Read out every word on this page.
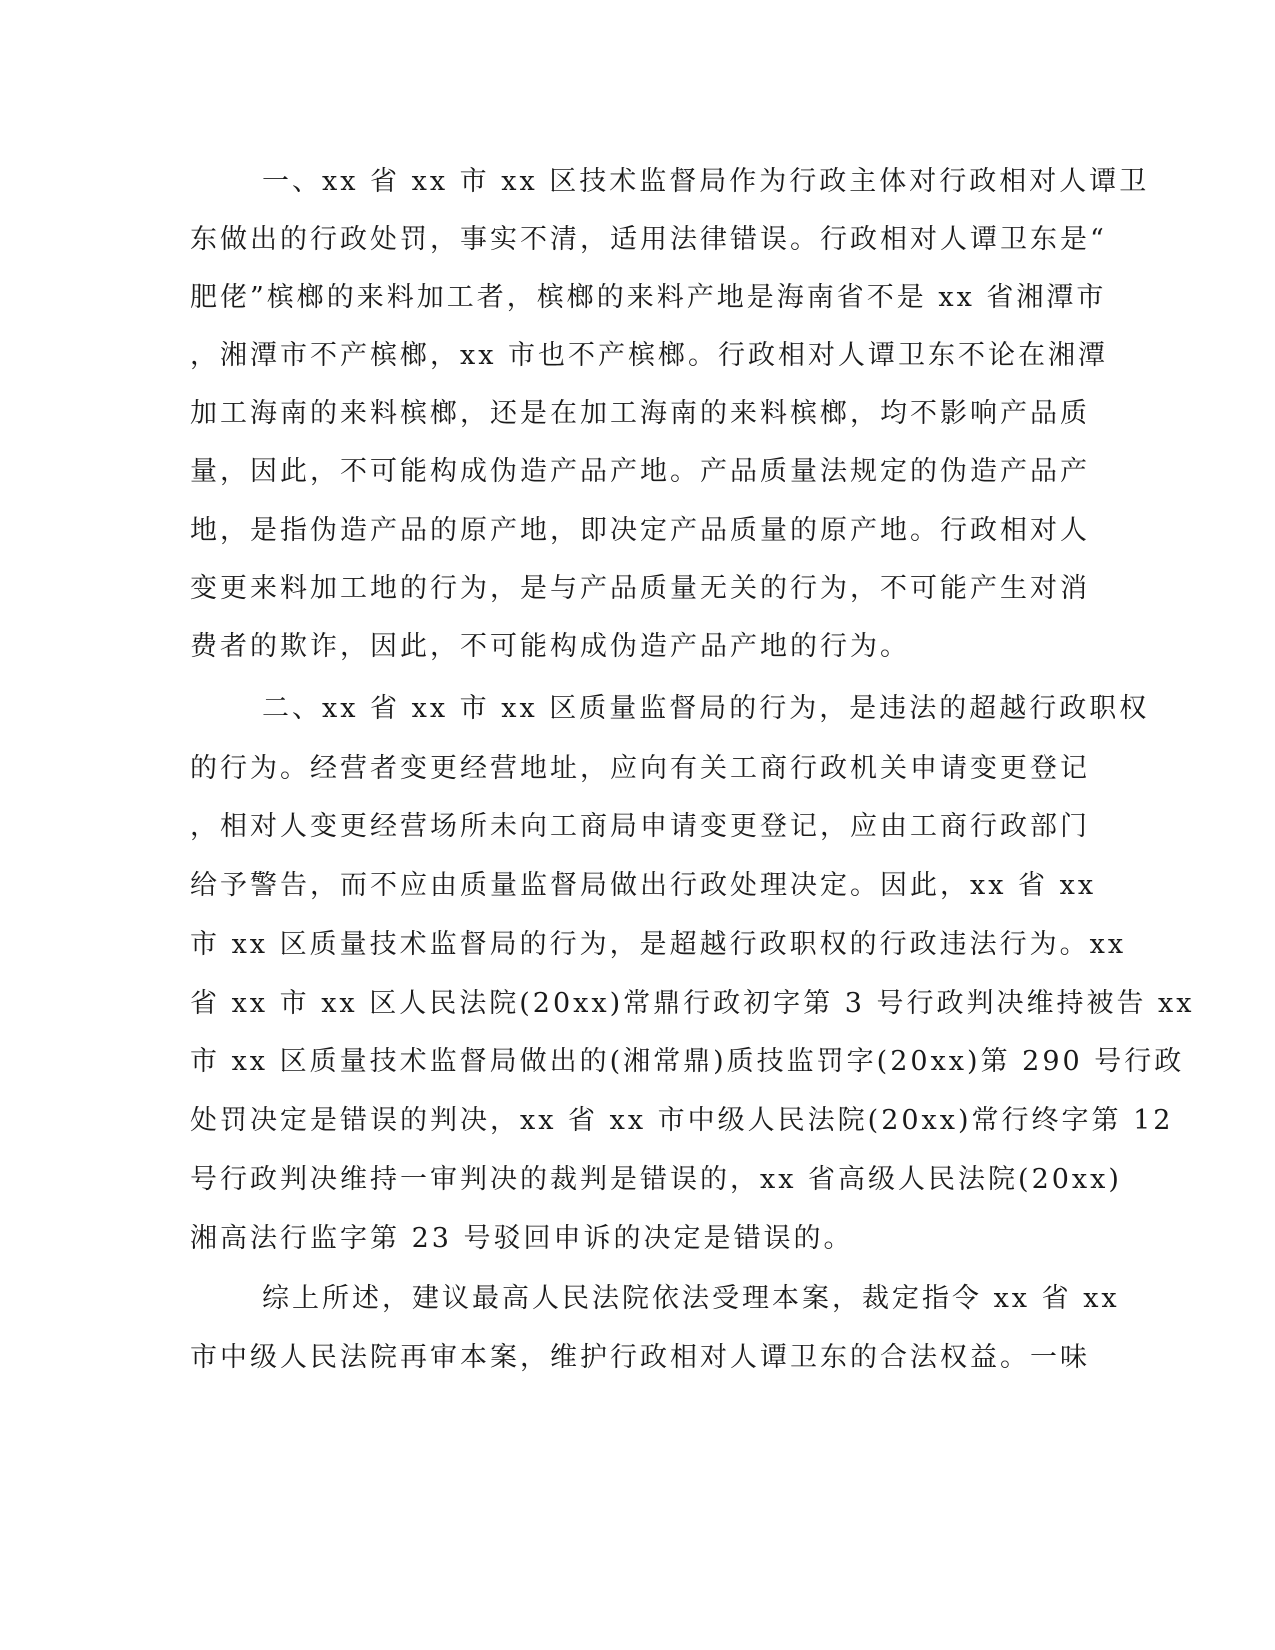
一、xx 省 xx 市 xx 区技术监督局作为行政主体对行政相对人谭卫

东做出的行政处罚，事实不清，适用法律错误。行政相对人谭卫东是“

肥佬”槟榔的来料加工者，槟榔的来料产地是海南省不是 xx 省湘潭市

，湘潭市不产槟榔，xx 市也不产槟榔。行政相对人谭卫东不论在湘潭

加工海南的来料槟榔，还是在加工海南的来料槟榔，均不影响产品质

量，因此，不可能构成伪造产品产地。产品质量法规定的伪造产品产

地，是指伪造产品的原产地，即决定产品质量的原产地。行政相对人

变更来料加工地的行为，是与产品质量无关的行为，不可能产生对消

费者的欺诈，因此，不可能构成伪造产品产地的行为。

二、xx 省 xx 市 xx 区质量监督局的行为，是违法的超越行政职权

的行为。经营者变更经营地址，应向有关工商行政机关申请变更登记

，相对人变更经营场所未向工商局申请变更登记，应由工商行政部门

给予警告，而不应由质量监督局做出行政处理决定。因此，xx 省 xx

市 xx 区质量技术监督局的行为，是超越行政职权的行政违法行为。xx

省 xx 市 xx 区人民法院(20xx)常鼎行政初字第 3 号行政判决维持被告 xx

市 xx 区质量技术监督局做出的(湘常鼎)质技监罚字(20xx)第 290 号行政

处罚决定是错误的判决，xx 省 xx 市中级人民法院(20xx)常行终字第 12

号行政判决维持一审判决的裁判是错误的，xx 省高级人民法院(20xx)

湘高法行监字第 23 号驳回申诉的决定是错误的。

综上所述，建议最高人民法院依法受理本案，裁定指令 xx 省 xx

市中级人民法院再审本案，维护行政相对人谭卫东的合法权益。一味
